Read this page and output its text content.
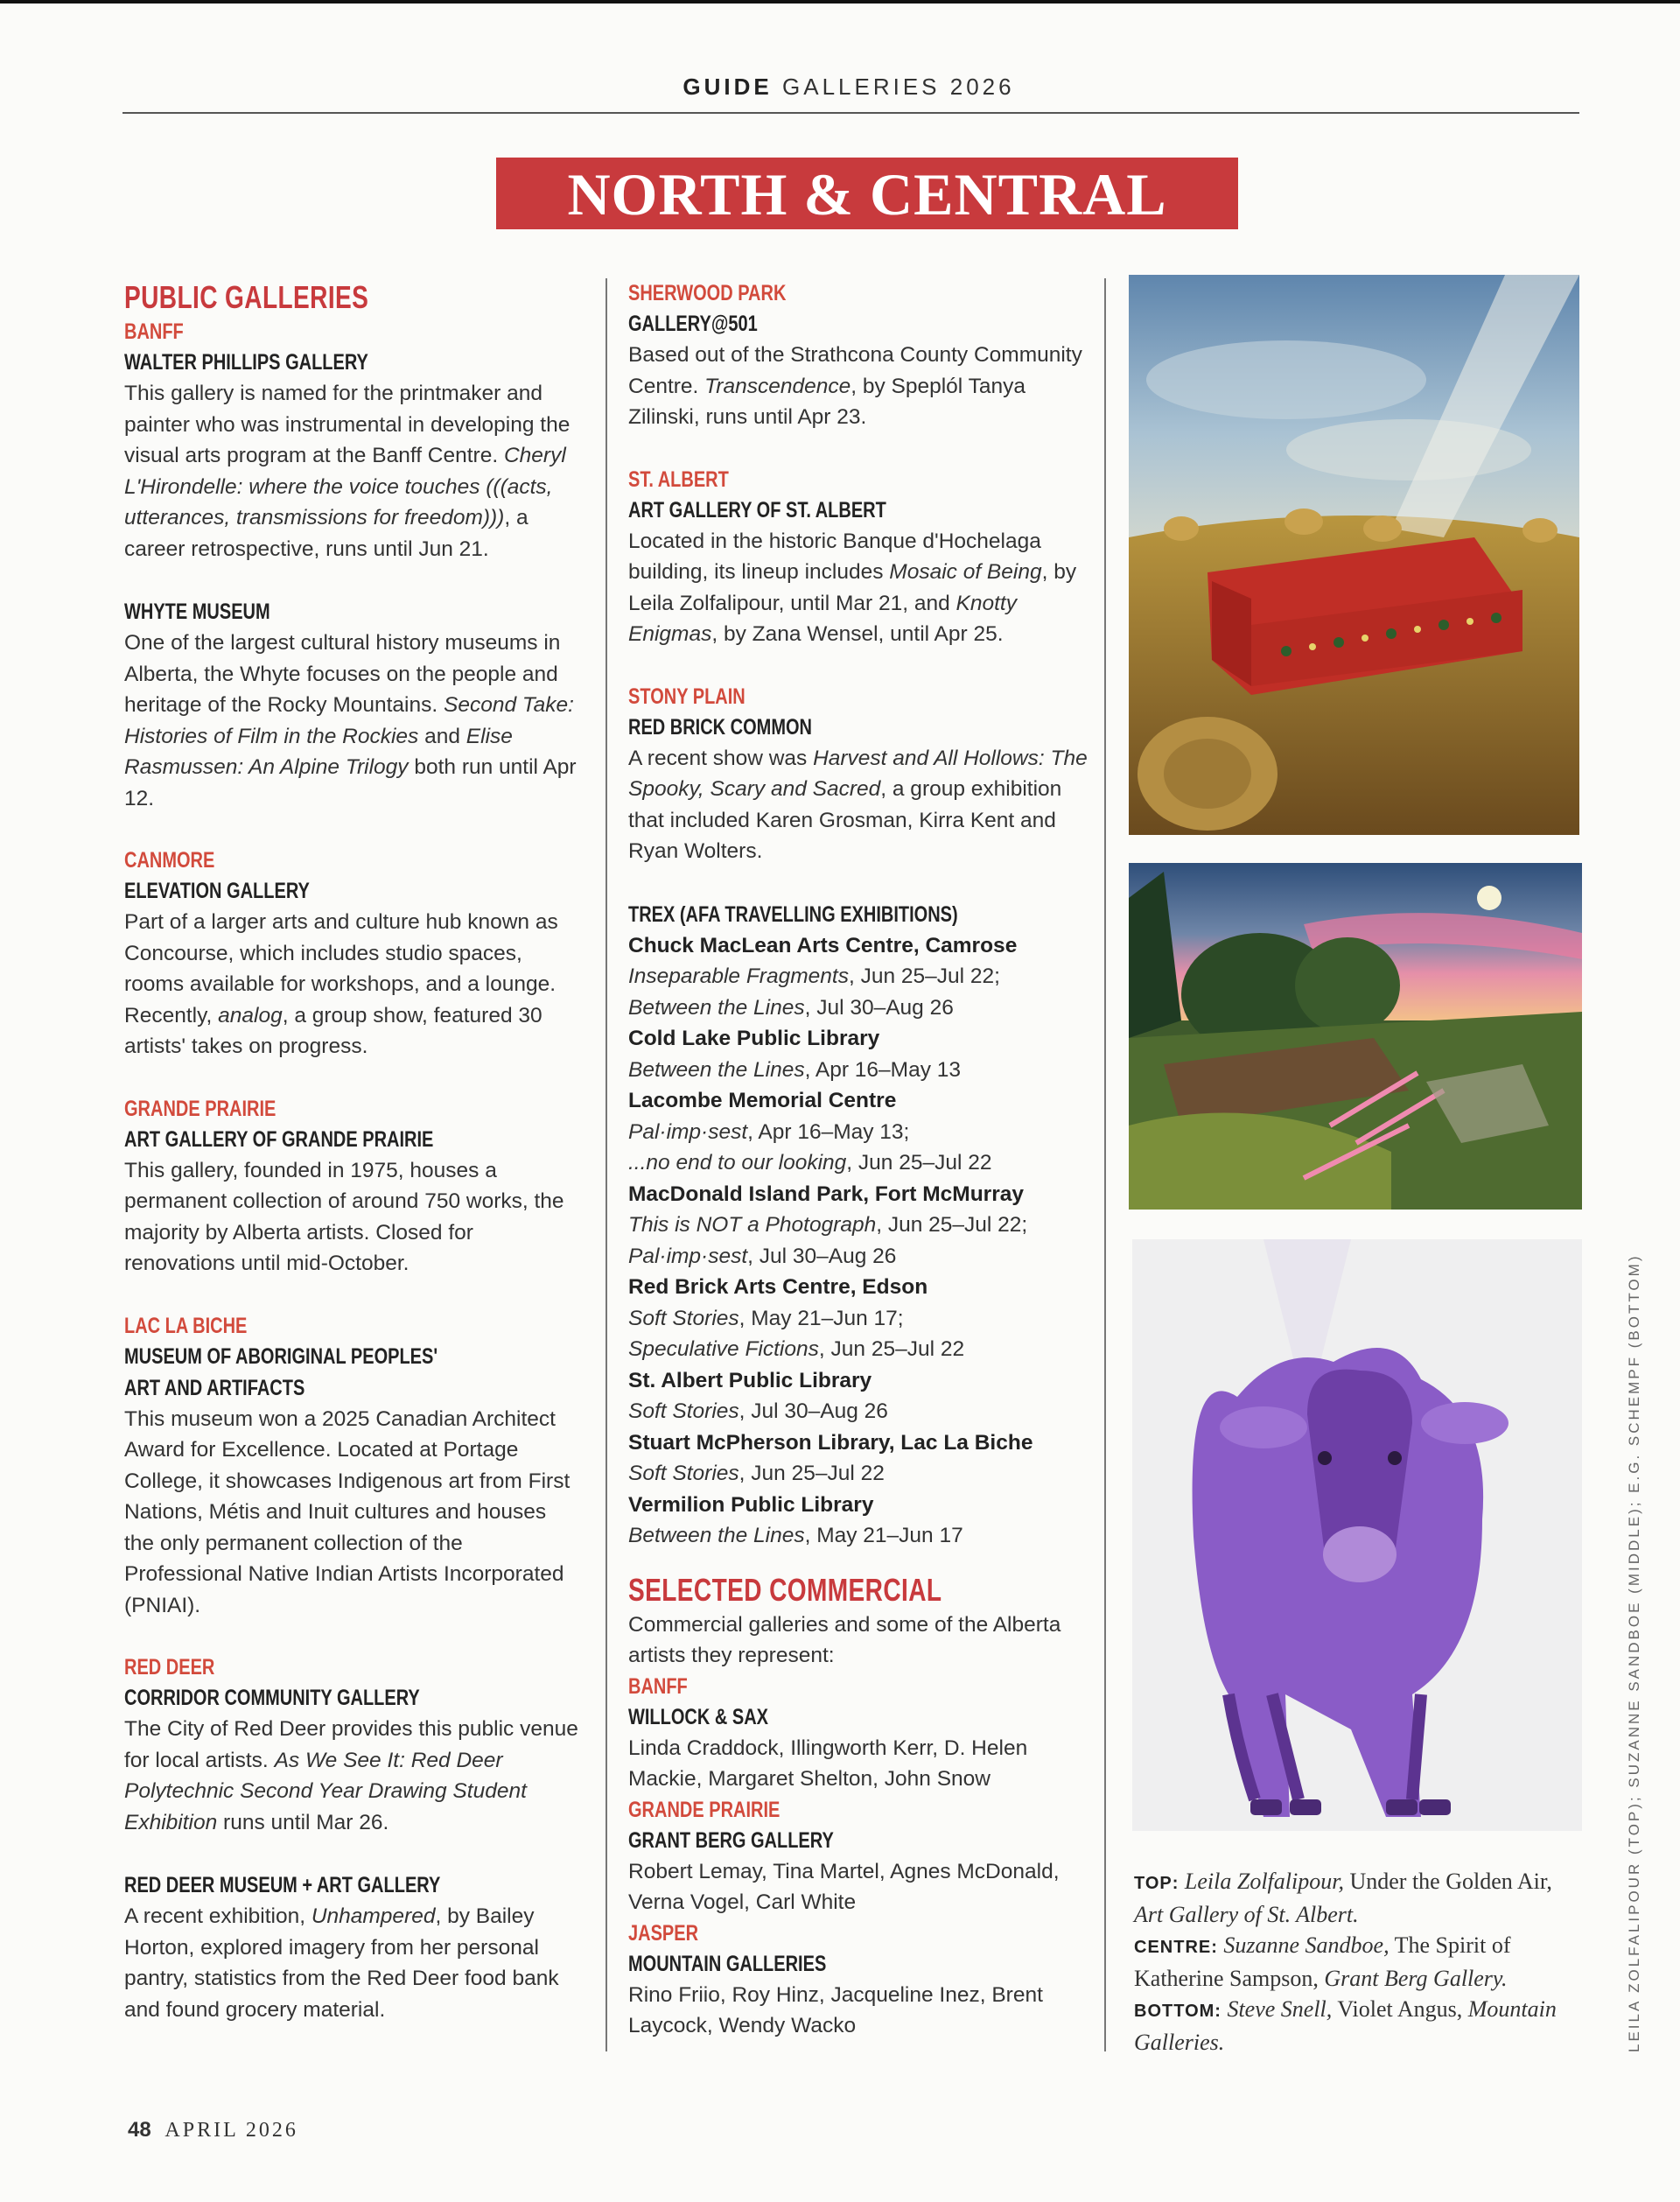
GUIDE GALLERIES 2026
NORTH & CENTRAL
PUBLIC GALLERIES
BANFF
WALTER PHILLIPS GALLERY

This gallery is named for the printmaker and painter who was instrumental in developing the visual arts program at the Banff Centre. Cheryl L'Hirondelle: where the voice touches (((acts, utterances, transmissions for freedom))), a career retrospective, runs until Jun 21.

WHYTE MUSEUM

One of the largest cultural history museums in Alberta, the Whyte focuses on the people and heritage of the Rocky Mountains. Second Take: Histories of Film in the Rockies and Elise Rasmussen: An Alpine Trilogy both run until Apr 12.

CANMORE
ELEVATION GALLERY

Part of a larger arts and culture hub known as Concourse, which includes studio spaces, rooms available for workshops, and a lounge. Recently, analog, a group show, featured 30 artists' takes on progress.

GRANDE PRAIRIE
ART GALLERY OF GRANDE PRAIRIE

This gallery, founded in 1975, houses a permanent collection of around 750 works, the majority by Alberta artists. Closed for renovations until mid-October.

LAC LA BICHE
MUSEUM OF ABORIGINAL PEOPLES'
ART AND ARTIFACTS

This museum won a 2025 Canadian Architect Award for Excellence. Located at Portage College, it showcases Indigenous art from First Nations, Métis and Inuit cultures and houses the only permanent collection of the Professional Native Indian Artists Incorporated (PNIAI).

RED DEER
CORRIDOR COMMUNITY GALLERY

The City of Red Deer provides this public venue for local artists. As We See It: Red Deer Polytechnic Second Year Drawing Student Exhibition runs until Mar 26.

RED DEER MUSEUM + ART GALLERY

A recent exhibition, Unhampered, by Bailey Horton, explored imagery from her personal pantry, statistics from the Red Deer food bank and found grocery material.

SHERWOOD PARK
GALLERY@501

Based out of the Strathcona County Community Centre. Transcendence, by Speplól Tanya Zilinski, runs until Apr 23.

ST. ALBERT
ART GALLERY OF ST. ALBERT

Located in the historic Banque d'Hochelaga building, its lineup includes Mosaic of Being, by Leila Zolfalipour, until Mar 21, and Knotty Enigmas, by Zana Wensel, until Apr 25.

STONY PLAIN
RED BRICK COMMON

A recent show was Harvest and All Hollows: The Spooky, Scary and Sacred, a group exhibition that included Karen Grosman, Kirra Kent and Ryan Wolters.

TREX (AFA TRAVELLING EXHIBITIONS)
Chuck MacLean Arts Centre, Camrose
Inseparable Fragments, Jun 25–Jul 22;
Between the Lines, Jul 30–Aug 26
Cold Lake Public Library
Between the Lines, Apr 16–May 13
Lacombe Memorial Centre
Pal·imp·sest, Apr 16–May 13;
...no end to our looking, Jun 25–Jul 22
MacDonald Island Park, Fort McMurray
This is NOT a Photograph, Jun 25–Jul 22;
Pal·imp·sest, Jul 30–Aug 26
Red Brick Arts Centre, Edson
Soft Stories, May 21–Jun 17;
Speculative Fictions, Jun 25–Jul 22
St. Albert Public Library
Soft Stories, Jul 30–Aug 26
Stuart McPherson Library, Lac La Biche
Soft Stories, Jun 25–Jul 22
Vermilion Public Library
Between the Lines, May 21–Jun 17
SELECTED COMMERCIAL

Commercial galleries and some of the Alberta artists they represent:

BANFF
WILLOCK & SAX

Linda Craddock, Illingworth Kerr, D. Helen Mackie, Margaret Shelton, John Snow

GRANDE PRAIRIE
GRANT BERG GALLERY

Robert Lemay, Tina Martel, Agnes McDonald, Verna Vogel, Carl White

JASPER
MOUNTAIN GALLERIES

Rino Friio, Roy Hinz, Jacqueline Inez, Brent Laycock, Wendy Wacko

TOP: Leila Zolfalipour, Under the Golden Air, Art Gallery of St. Albert.
CENTRE: Suzanne Sandboe, The Spirit of Katherine Sampson, Grant Berg Gallery.
BOTTOM: Steve Snell, Violet Angus, Mountain Galleries.	LEILA ZOLFALIPOUR (TOP); SUZANNE SANDBOE (MIDDLE); E.G. SCHEMPF (BOTTOM)
48 APRIL 2026
